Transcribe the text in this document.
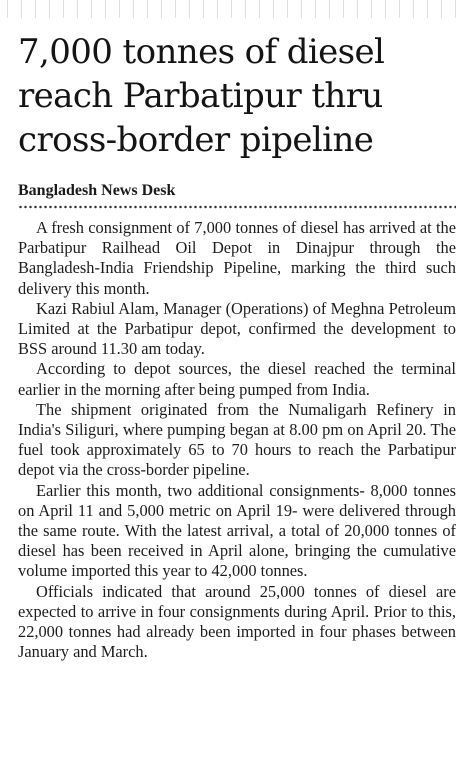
7,000 tonnes of diesel reach Parbatipur thru cross-border pipeline
Bangladesh News Desk

A fresh consignment of 7,000 tonnes of diesel has arrived at the Parbatipur Railhead Oil Depot in Dinajpur through the Bangladesh-India Friendship Pipeline, marking the third such delivery this month.

Kazi Rabiul Alam, Manager (Operations) of Meghna Petroleum Limited at the Parbatipur depot, confirmed the development to BSS around 11.30 am today.

According to depot sources, the diesel reached the terminal earlier in the morning after being pumped from India.

The shipment originated from the Numaligarh Refinery in India's Siliguri, where pumping began at 8.00 pm on April 20. The fuel took approximately 65 to 70 hours to reach the Parbatipur depot via the cross-border pipeline.

Earlier this month, two additional consignments- 8,000 tonnes on April 11 and 5,000 metric on April 19- were delivered through the same route. With the latest arrival, a total of 20,000 tonnes of diesel has been received in April alone, bringing the cumulative volume imported this year to 42,000 tonnes.

Officials indicated that around 25,000 tonnes of diesel are expected to arrive in four consignments during April. Prior to this, 22,000 tonnes had already been imported in four phases between January and March.
